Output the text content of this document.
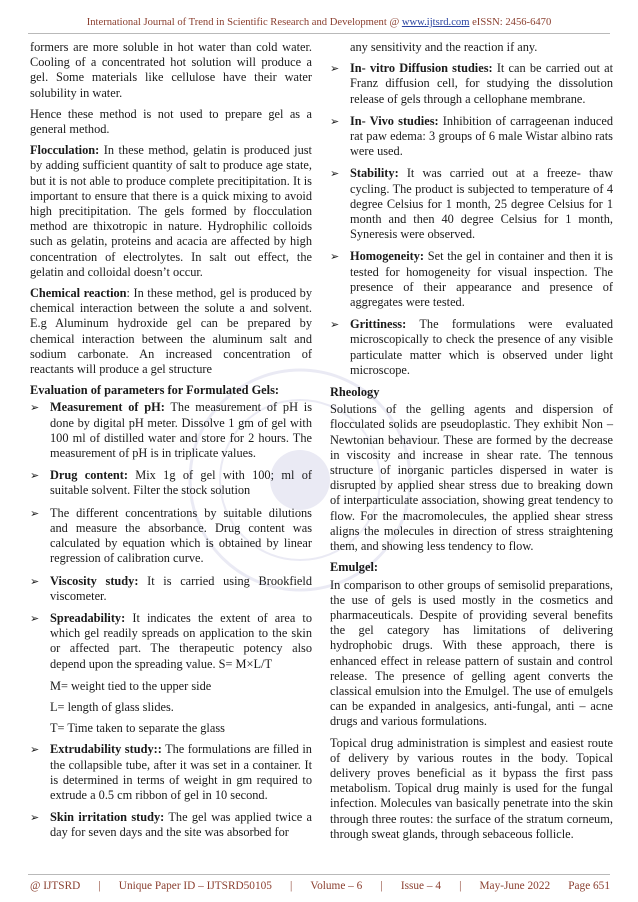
International Journal of Trend in Scientific Research and Development @ www.ijtsrd.com eISSN: 2456-6470

formers are more soluble in hot water than cold water. Cooling of a concentrated hot solution will produce a gel. Some materials like cellulose have their water solubility in water.

Hence these method is not used to prepare gel as a general method.

Flocculation: In these method, gelatin is produced just by adding sufficient quantity of salt to produce age state, but it is not able to produce complete precitipitation. It is important to ensure that there is a quick mixing to avoid high precitipitation. The gels formed by flocculation method are thixotropic in nature. Hydrophilic colloids such as gelatin, proteins and acacia are affected by high concentration of electrolytes. In salt out effect, the gelatin and colloidal doesn’t occur.

Chemical reaction: In these method, gel is produced by chemical interaction between the solute a and solvent. E.g Aluminum hydroxide gel can be prepared by chemical interaction between the aluminum salt and sodium carbonate. An increased concentration of reactants will produce a gel structure

Evaluation of parameters for Formulated Gels:
➢ Measurement of pH: The measurement of pH is done by digital pH meter. Dissolve 1 gm of gel with 100 ml of distilled water and store for 2 hours. The measurement of pH is in triplicate values.
➢ Drug content: Mix 1g of gel with 100; ml of suitable solvent. Filter the stock solution
➢ The different concentrations by suitable dilutions and measure the absorbance. Drug content was calculated by equation which is obtained by linear regression of calibration curve.
➢ Viscosity study: It is carried using Brookfield viscometer.
➢ Spreadability: It indicates the extent of area to which gel readily spreads on application to the skin or affected part. The therapeutic potency also depend upon the spreading value. S= M×L/T

M= weight tied to the upper side

L= length of glass slides.

T= Time taken to separate the glass

➢ Extrudability study:: The formulations are filled in the collapsible tube, after it was set in a container. It is determined in terms of weight in gm required to extrude a 0.5 cm ribbon of gel in 10 second.
➢ Skin irritation study: The gel was applied twice a day for seven days and the site was absorbed for

any sensitivity and the reaction if any.

➢ In- vitro Diffusion studies: It can be carried out at Franz diffusion cell, for studying the dissolution release of gels through a cellophane membrane.
➢ In- Vivo studies: Inhibition of carrageenan induced rat paw edema: 3 groups of 6 male Wistar albino rats were used.
➢ Stability: It was carried out at a freeze- thaw cycling. The product is subjected to temperature of 4 degree Celsius for 1 month, 25 degree Celsius for 1 month and then 40 degree Celsius for 1 month, Syneresis were observed.
➢ Homogeneity: Set the gel in container and then it is tested for homogeneity for visual inspection. The presence of their appearance and presence of aggregates were tested.
➢ Grittiness: The formulations were evaluated microscopically to check the presence of any visible particulate matter which is observed under light microscope.
Rheology

Solutions of the gelling agents and dispersion of flocculated solids are pseudoplastic. They exhibit Non – Newtonian behaviour. These are formed by the decrease in viscosity and increase in shear rate. The tennous structure of inorganic particles dispersed in water is disrupted by applied shear stress due to breaking down of interparticulate association, showing great tendency to flow. For the macromolecules, the applied shear stress aligns the molecules in direction of stress straightening them, and showing less tendency to flow.

Emulgel:

In comparison to other groups of semisolid preparations, the use of gels is used mostly in the cosmetics and pharmaceuticals. Despite of providing several benefits the gel category has limitations of delivering hydrophobic drugs. With these approach, there is enhanced effect in release pattern of sustain and control release. The presence of gelling agent converts the classical emulsion into the Emulgel. The use of emulgels can be expanded in analgesics, anti-fungal, anti – acne drugs and various formulations.

Topical drug administration is simplest and easiest route of delivery by various routes in the body. Topical delivery proves beneficial as it bypass the first pass metabolism. Topical drug mainly is used for the fungal infection. Molecules van basically penetrate into the skin through three routes: the surface of the stratum corneum, through sweat glands, through sebaceous follicle.

@ IJTSRD | Unique Paper ID – IJTSRD50105 | Volume – 6 | Issue – 4 | May-June 2022 Page 651
